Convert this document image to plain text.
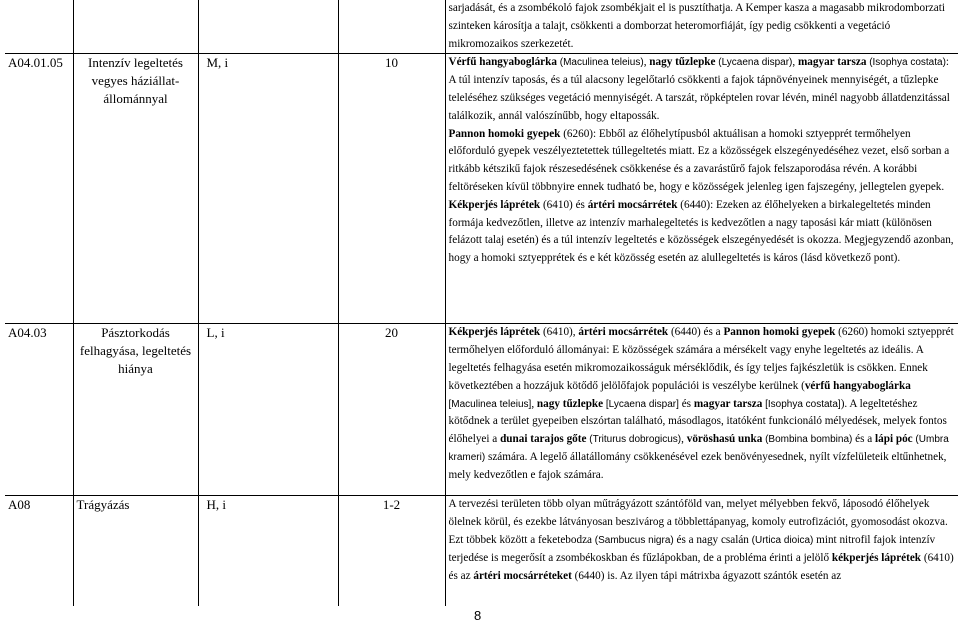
				sarjadását, és a zsombékoló fajok zsombékjait el is pusztíthatja. A Kemper kasza a magasabb mikrodomborzati szinteken károsítja a talajt, csökkenti a domborzat heteromorfiáját, így pedig csökkenti a vegetáció mikromozaikos szerkezetét.
A04.01.05	Intenzív legeltetés vegyes háziállat-állománnyal	M, i	10	Vérfű hangyaboglárka (Maculinea teleius), nagy tűzlepke (Lycaena dispar), magyar tarsza (Isophya costata): A túl intenzív taposás, és a túl alacsony legelőtarló csökkenti a fajok tápnövényeinek mennyiségét, a tűzlepke teleléséhez szükséges vegetáció mennyiségét. A tarszát, röpképtelen rovar lévén, minél nagyobb állatdenzitással találkozik, annál valószínűbb, hogy eltapossák.

Pannon homoki gyepek (6260): Ebből az élőhelytípusból aktuálisan a homoki sztyepprét termőhelyen előforduló gyepek veszélyeztetettek túllegeltetés miatt. Ez a közösségek elszegényedéséhez vezet, első sorban a ritkább kétszikű fajok részesedésének csökkenése és a zavarástűrő fajok felszaporodása révén. A korábbi feltöréseken kívül többnyire ennek tudható be, hogy e közösségek jelenleg igen fajszegény, jellegtelen gyepek.

Kékperjés láprétek (6410) és ártéri mocsárrétek (6440): Ezeken az élőhelyeken a birkalegeltetés minden formája kedvezőtlen, illetve az intenzív marhalegeltetés is kedvezőtlen a nagy taposási kár miatt (különösen felázott talaj esetén) és a túl intenzív legeltetés e közösségek elszegényedését is okozza. Megjegyzendő azonban, hogy a homoki sztyepprétek és e két közösség esetén az alullegeltetés is káros (lásd következő pont).

A04.03	Pásztorkodás felhagyása, legeltetés hiánya	L, i	20	Kékperjés láprétek (6410), ártéri mocsárrétek (6440) és a Pannon homoki gyepek (6260) homoki sztyepprét termőhelyen előforduló állományai: E közösségek számára a mérsékelt vagy enyhe legeltetés az ideális. A legeltetés felhagyása esetén mikromozaikosságuk mérséklődik, és így teljes fajkészletük is csökken. Ennek következtében a hozzájuk kötődő jelölőfajok populációi is veszélybe kerülnek (vérfű hangyaboglárka [Maculinea teleius], nagy tűzlepke [Lycaena dispar] és magyar tarsza [Isophya costata]). A legeltetéshez kötődnek a terület gyepeiben elszórtan található, másodlagos, itatóként funkcionáló mélyedések, melyek fontos élőhelyei a dunai tarajos gőte (Triturus dobrogicus), vöröshasú unka (Bombina bombina) és a lápi póc (Umbra krameri) számára. A legelő állatállomány csökkenésével ezek benövényesednek, nyílt vízfelületeik eltűnhetnek, mely kedvezőtlen e fajok számára.

A08	Trágyázás	H, i	1-2	A tervezési területen több olyan műtrágyázott szántóföld van, melyet mélyebben fekvő, láposodó élőhelyek ölelnek körül, és ezekbe látványosan beszivárog a többlettápanyag, komoly eutrofizációt, gyomosodást okozva. Ezt többek között a feketebodza (Sambucus nigra) és a nagy csalán (Urtica dioica) mint nitrofil fajok intenzív terjedése is megerősít a zsombékoskban és fűzlápokban, de a probléma érinti a jelölő kékperjés láprétek (6410) és az ártéri mocsárréteket (6440) is. Az ilyen tápi mátrixba ágyazott szántók esetén az

8
